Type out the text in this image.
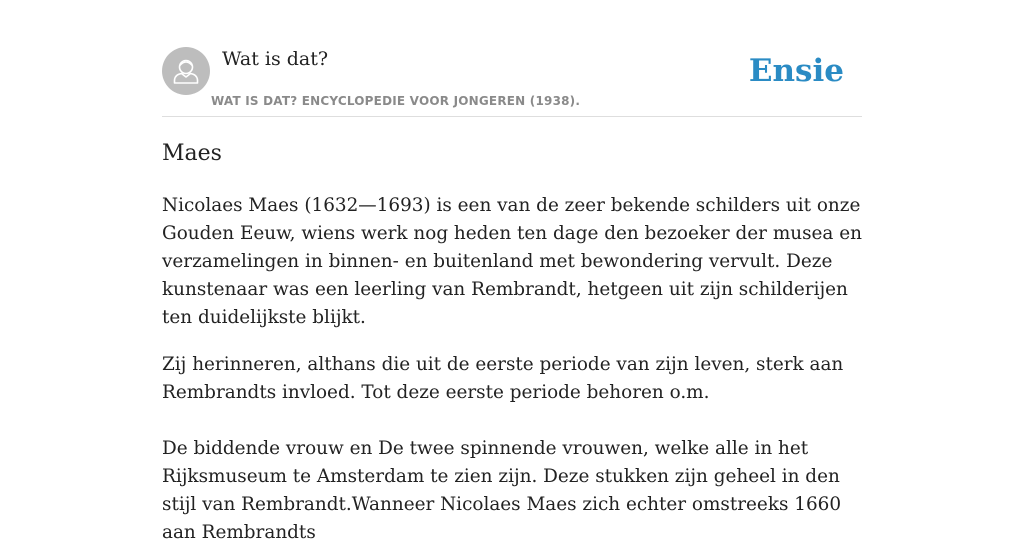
Wat is dat?
WAT IS DAT? ENCYCLOPEDIE VOOR JONGEREN (1938).
Ensie
Maes

Nicolaes Maes (1632—1693) is een van de zeer bekende schilders uit onze Gouden Eeuw, wiens werk nog heden ten dage den bezoeker der musea en verzamelingen in binnen- en buitenland met bewondering vervult. Deze kunstenaar was een leerling van Rembrandt, hetgeen uit zijn schilderijen ten duidelijkste blijkt.

Zij herinneren, althans die uit de eerste periode van zijn leven, sterk aan Rembrandts invloed. Tot deze eerste periode behoren o.m.

De biddende vrouw en De twee spinnende vrouwen, welke alle in het Rijksmuseum te Amsterdam te zien zijn. Deze stukken zijn geheel in den stijl van Rembrandt.Wanneer Nicolaes Maes zich echter omstreeks 1660 aan Rembrandts
